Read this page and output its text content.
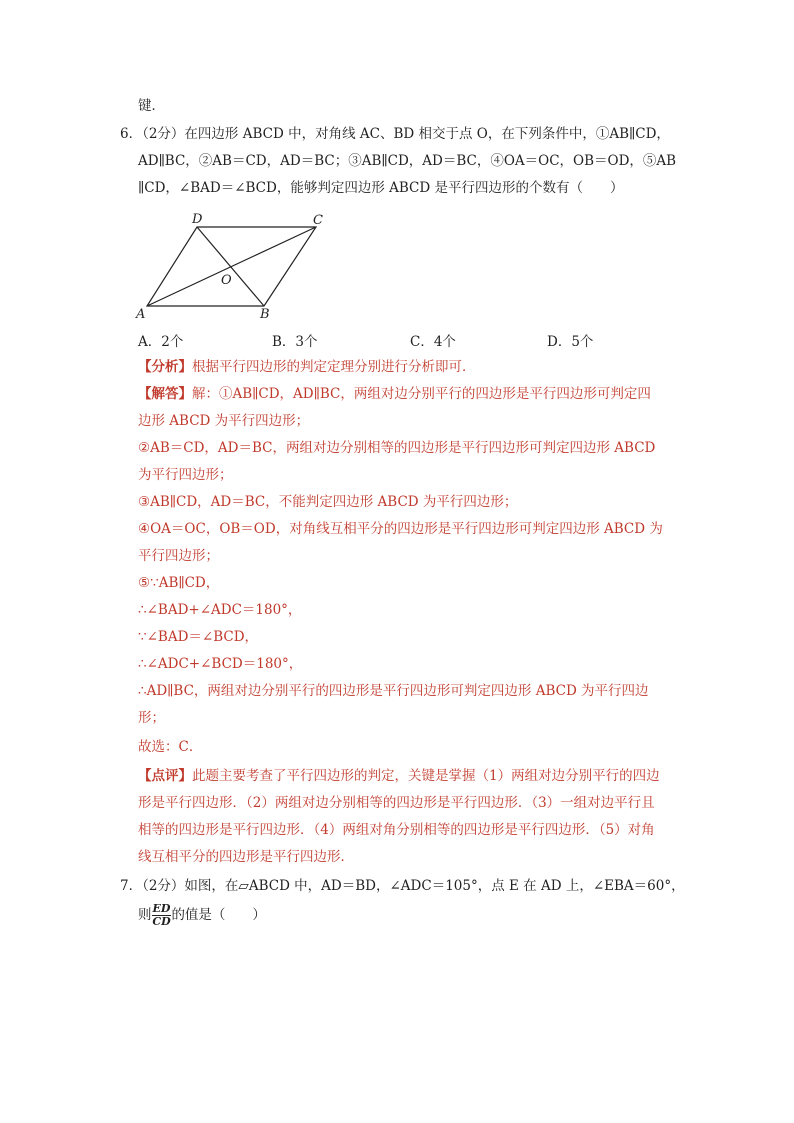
键．
6．（2分）在四边形 ABCD 中，对角线 AC、BD 相交于点 O，在下列条件中，①AB∥CD，
AD∥BC，②AB＝CD，AD＝BC；③AB∥CD，AD＝BC，④OA＝OC，OB＝OD，⑤AB
∥CD，∠BAD＝∠BCD，能够判定四边形 ABCD 是平行四边形的个数有（　　）
D	C
A	B
O
A．2个	B．3个	C．4个	D．5个
【分析】根据平行四边形的判定定理分别进行分析即可．
【解答】解：①AB∥CD，AD∥BC，两组对边分别平行的四边形是平行四边形可判定四
边形 ABCD 为平行四边形；
②AB＝CD，AD＝BC，两组对边分别相等的四边形是平行四边形可判定四边形 ABCD
为平行四边形；
③AB∥CD，AD＝BC，不能判定四边形 ABCD 为平行四边形；
④OA＝OC，OB＝OD，对角线互相平分的四边形是平行四边形可判定四边形 ABCD 为
平行四边形；
⑤∵AB∥CD，
∴∠BAD+∠ADC＝180°，
∵∠BAD＝∠BCD，
∴∠ADC+∠BCD＝180°，
∴AD∥BC，两组对边分别平行的四边形是平行四边形可判定四边形 ABCD 为平行四边
形；
故选：C．
【点评】此题主要考查了平行四边形的判定，关键是掌握（1）两组对边分别平行的四边
形是平行四边形．（2）两组对边分别相等的四边形是平行四边形．（3）一组对边平行且
相等的四边形是平行四边形．（4）两组对角分别相等的四边形是平行四边形．（5）对角
线互相平分的四边形是平行四边形．
7．（2分）如图，在▱ABCD 中，AD＝BD，∠ADC＝105°，点 E 在 AD 上，∠EBA＝60°，
则 $\frac{ED}{CD}$ 的值是（　　）
